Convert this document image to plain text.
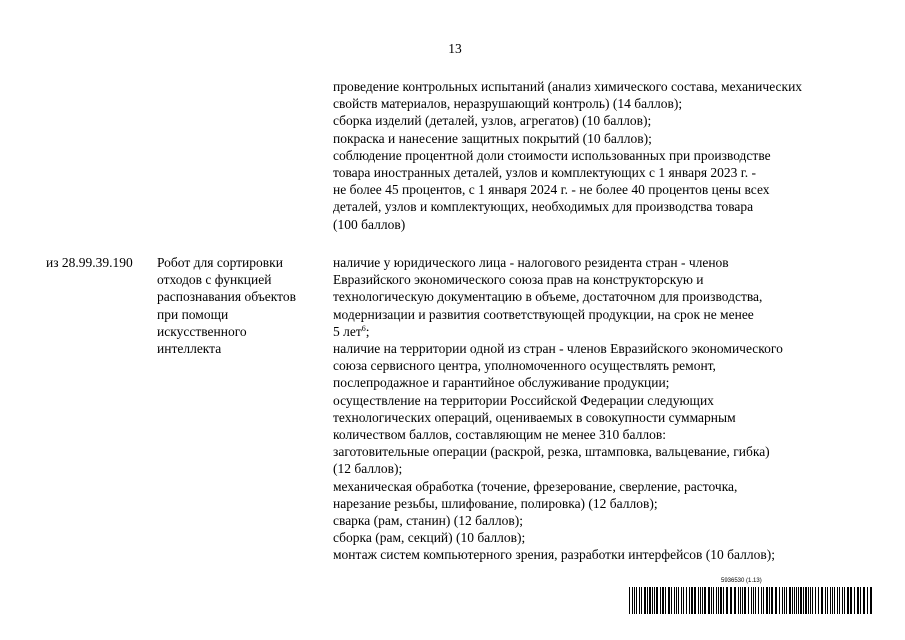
13

проведение контрольных испытаний (анализ химического состава, механических

свойств материалов, неразрушающий контроль) (14 баллов);

сборка изделий (деталей, узлов, агрегатов) (10 баллов);

покраска и нанесение защитных покрытий (10 баллов);

соблюдение процентной доли стоимости использованных при производстве

товара иностранных деталей, узлов и комплектующих с 1 января 2023 г. -

не более 45 процентов, с 1 января 2024 г. - не более 40 процентов цены всех

деталей, узлов и комплектующих, необходимых для производства товара

(100 баллов)

из 28.99.39.190 Робот для сортировки
отходов с функцией
распознавания объектов
при помощи
искусственного
интеллекта

наличие у юридического лица - налогового резидента стран - членов

Евразийского экономического союза прав на конструкторскую и

технологическую документацию в объеме, достаточном для производства,

модернизации и развития соответствующей продукции, на срок не менее

5 лет$^6$;

наличие на территории одной из стран - членов Евразийского экономического

союза сервисного центра, уполномоченного осуществлять ремонт,

послепродажное и гарантийное обслуживание продукции;

осуществление на территории Российской Федерации следующих

технологических операций, оцениваемых в совокупности суммарным

количеством баллов, составляющим не менее 310 баллов:

заготовительные операции (раскрой, резка, штамповка, вальцевание, гибка)

(12 баллов);

механическая обработка (точение, фрезерование, сверление, расточка,

нарезание резьбы, шлифование, полировка) (12 баллов);

сварка (рам, станин) (12 баллов);

сборка (рам, секций) (10 баллов);

монтаж систем компьютерного зрения, разработки интерфейсов (10 баллов);

5936530 (1.13)
